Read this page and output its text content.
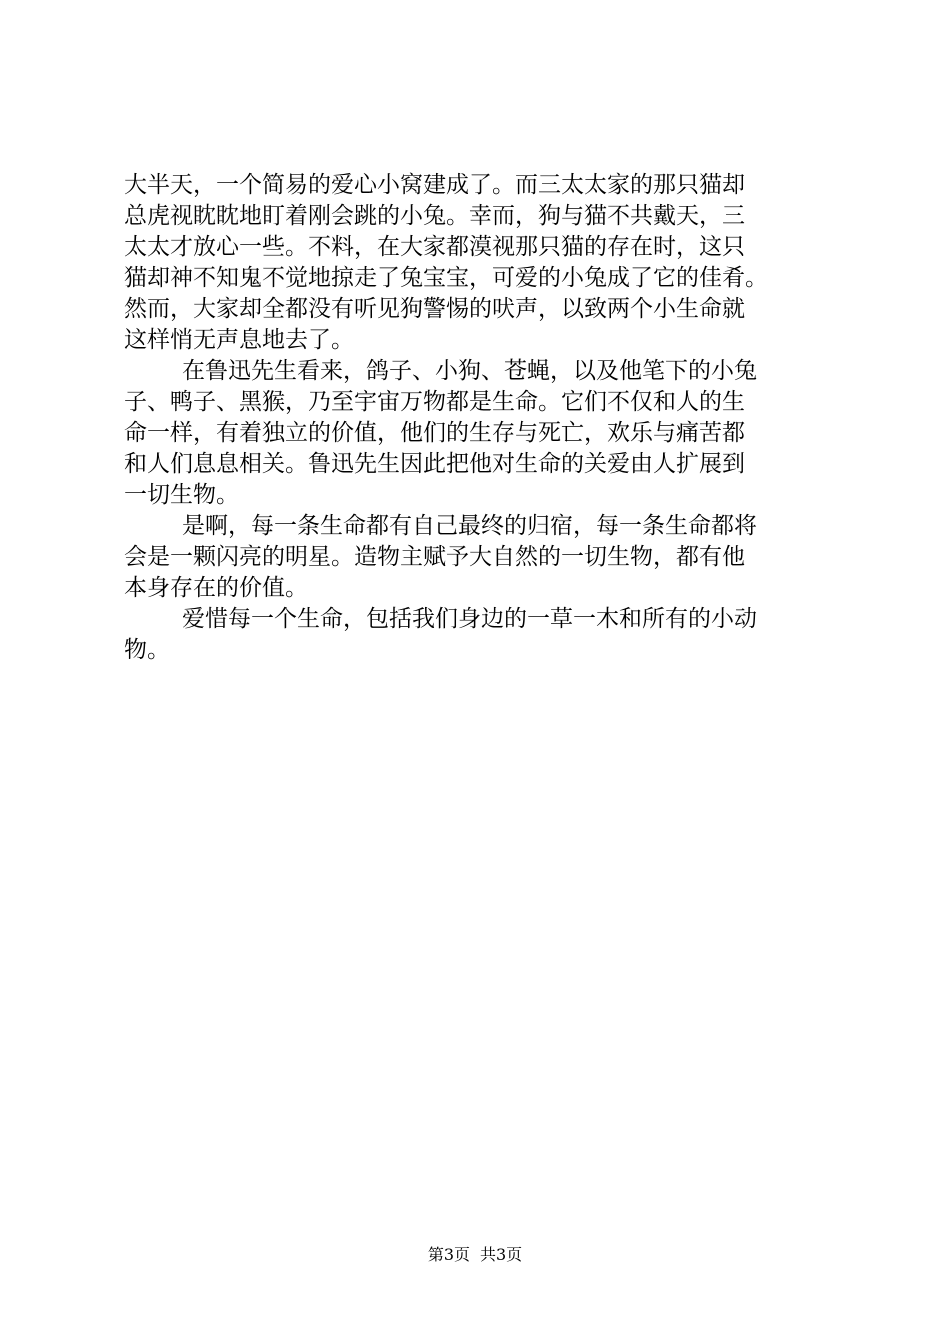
大半天，一个简易的爱心小窝建成了。而三太太家的那只猫却
总虎视眈眈地盯着刚会跳的小兔。幸而，狗与猫不共戴天，三
太太才放心一些。不料，在大家都漠视那只猫的存在时，这只
猫却神不知鬼不觉地掠走了兔宝宝，可爱的小兔成了它的佳肴。
然而，大家却全都没有听见狗警惕的吠声，以致两个小生命就
这样悄无声息地去了。
在鲁迅先生看来，鸽子、小狗、苍蝇，以及他笔下的小兔
子、鸭子、黑猴，乃至宇宙万物都是生命。它们不仅和人的生
命一样，有着独立的价值，他们的生存与死亡，欢乐与痛苦都
和人们息息相关。鲁迅先生因此把他对生命的关爱由人扩展到
一切生物。
是啊，每一条生命都有自己最终的归宿，每一条生命都将
会是一颗闪亮的明星。造物主赋予大自然的一切生物，都有他
本身存在的价值。
爱惜每一个生命，包括我们身边的一草一木和所有的小动
物。
第3页 共3页
